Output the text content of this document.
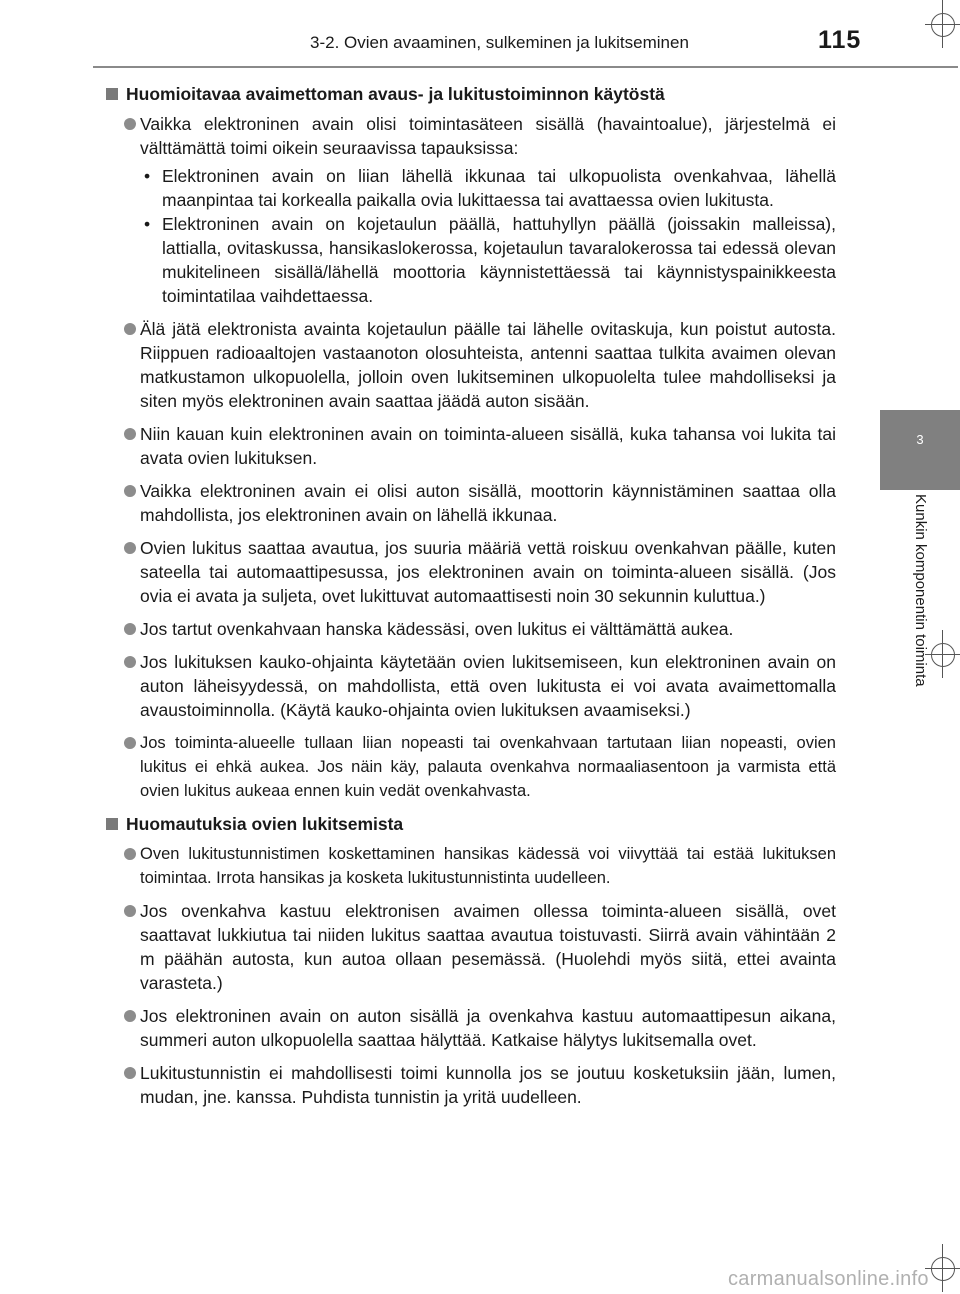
3-2. Ovien avaaminen, sulkeminen ja lukitseminen	115
3
Kunkin komponentin toiminta
Huomioitavaa avaimettoman avaus- ja lukitustoiminnon käytöstä
Vaikka elektroninen avain olisi toimintasäteen sisällä (havaintoalue), järjestelmä ei välttämättä toimi oikein seuraavissa tapauksissa:
• Elektroninen avain on liian lähellä ikkunaa tai ulkopuolista ovenkahvaa, lähellä maanpintaa tai korkealla paikalla ovia lukittaessa tai avattaessa ovien lukitusta.
• Elektroninen avain on kojetaulun päällä, hattuhyllyn päällä (joissakin malleissa), lattialla, ovitaskussa, hansikaslokerossa, kojetaulun tavaralokerossa tai edessä olevan mukitelineen sisällä/lähellä moottoria käynnistettäessä tai käynnistyspainikkeesta toimintatilaa vaihdettaessa.
Älä jätä elektronista avainta kojetaulun päälle tai lähelle ovitaskuja, kun poistut autosta. Riippuen radioaaltojen vastaanoton olosuhteista, antenni saattaa tulkita avaimen olevan matkustamon ulkopuolella, jolloin oven lukitseminen ulkopuolelta tulee mahdolliseksi ja siten myös elektroninen avain saattaa jäädä auton sisään.
Niin kauan kuin elektroninen avain on toiminta-alueen sisällä, kuka tahansa voi lukita tai avata ovien lukituksen.
Vaikka elektroninen avain ei olisi auton sisällä, moottorin käynnistäminen saattaa olla mahdollista, jos elektroninen avain on lähellä ikkunaa.
Ovien lukitus saattaa avautua, jos suuria määriä vettä roiskuu ovenkahvan päälle, kuten sateella tai automaattipesussa, jos elektroninen avain on toiminta-alueen sisällä. (Jos ovia ei avata ja suljeta, ovet lukittuvat automaattisesti noin 30 sekunnin kuluttua.)
Jos tartut ovenkahvaan hanska kädessäsi, oven lukitus ei välttämättä aukea.
Jos lukituksen kauko-ohjainta käytetään ovien lukitsemiseen, kun elektroninen avain on auton läheisyydessä, on mahdollista, että oven lukitusta ei voi avata avaimettomalla avaustoiminnolla. (Käytä kauko-ohjainta ovien lukituksen avaamiseksi.)
Jos toiminta-alueelle tullaan liian nopeasti tai ovenkahvaan tartutaan liian nopeasti, ovien lukitus ei ehkä aukea. Jos näin käy, palauta ovenkahva normaaliasentoon ja varmista että ovien lukitus aukeaa ennen kuin vedät ovenkahvasta.
Huomautuksia ovien lukitsemista
Oven lukitustunnistimen koskettaminen hansikas kädessä voi viivyttää tai estää lukituksen toimintaa. Irrota hansikas ja kosketa lukitustunnistinta uudelleen.
Jos ovenkahva kastuu elektronisen avaimen ollessa toiminta-alueen sisällä, ovet saattavat lukkiutua tai niiden lukitus saattaa avautua toistuvasti. Siirrä avain vähintään 2 m päähän autosta, kun autoa ollaan pesemässä. (Huolehdi myös siitä, ettei avainta varasteta.)
Jos elektroninen avain on auton sisällä ja ovenkahva kastuu automaattipesun aikana, summeri auton ulkopuolella saattaa hälyttää. Katkaise hälytys lukitsemalla ovet.
Lukitustunnistin ei mahdollisesti toimi kunnolla jos se joutuu kosketuksiin jään, lumen, mudan, jne. kanssa. Puhdista tunnistin ja yritä uudelleen.
carmanualsonline.info
